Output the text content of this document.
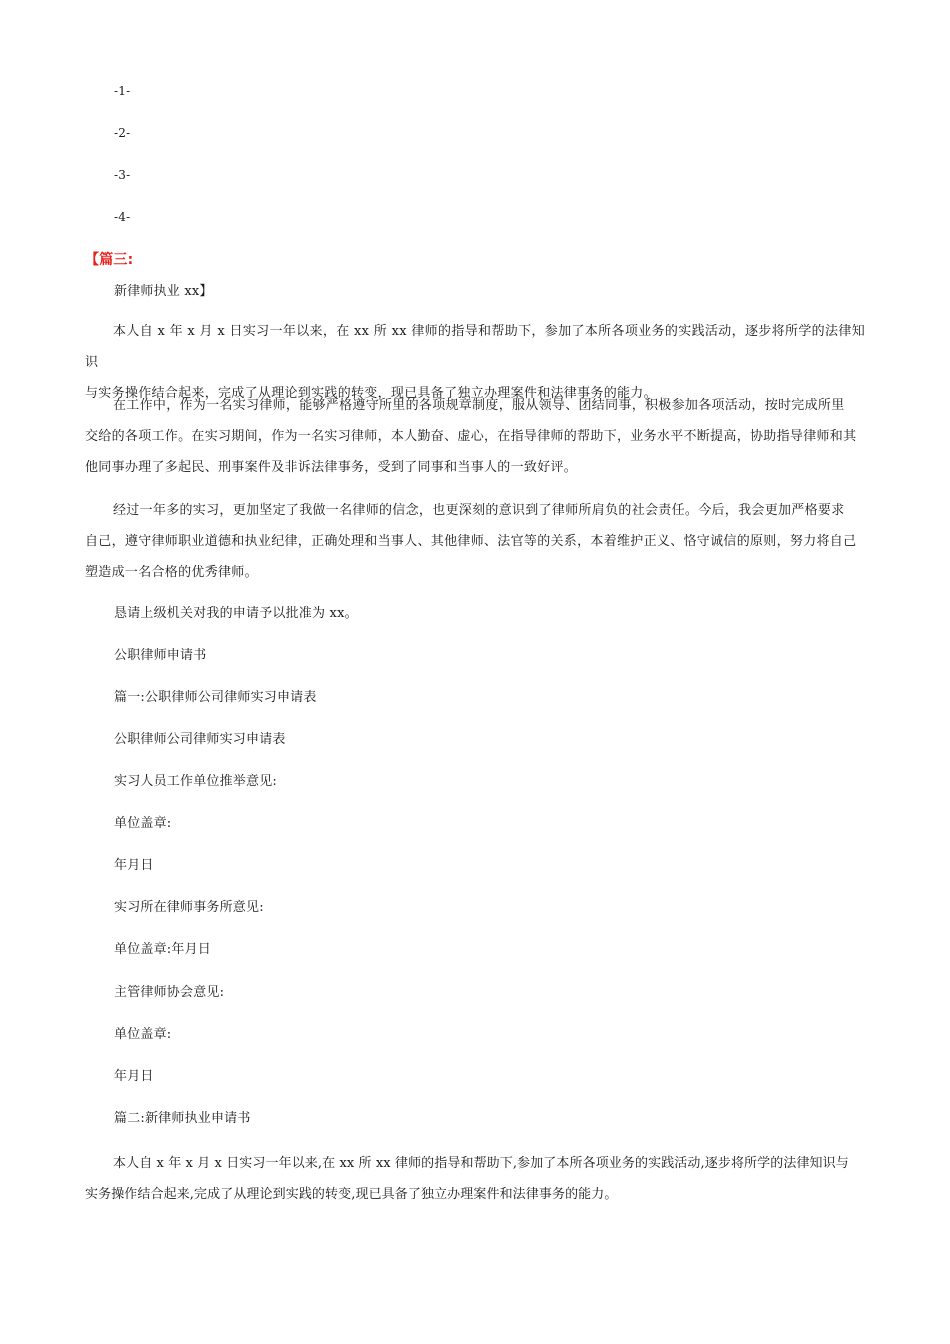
-1-
-2-
-3-
-4-
【篇三:
新律师执业 xx】
本人自 x 年 x 月 x 日实习一年以来，在 xx 所 xx 律师的指导和帮助下，参加了本所各项业务的实践活动，逐步将所学的法律知识
与实务操作结合起来，完成了从理论到实践的转变，现已具备了独立办理案件和法律事务的能力。
在工作中，作为一名实习律师，能够严格遵守所里的各项规章制度，服从领导、团结同事，积极参加各项活动，按时完成所里
交给的各项工作。在实习期间，作为一名实习律师，本人勤奋、虚心，在指导律师的帮助下，业务水平不断提高，协助指导律师和其
他同事办理了多起民、刑事案件及非诉法律事务，受到了同事和当事人的一致好评。
经过一年多的实习，更加坚定了我做一名律师的信念，也更深刻的意识到了律师所肩负的社会责任。今后，我会更加严格要求
自己，遵守律师职业道德和执业纪律，正确处理和当事人、其他律师、法官等的关系，本着维护正义、恪守诚信的原则，努力将自己
塑造成一名合格的优秀律师。
恳请上级机关对我的申请予以批准为 xx。
公职律师申请书
篇一:公职律师公司律师实习申请表
公职律师公司律师实习申请表
实习人员工作单位推举意见:
单位盖章:
年月日
实习所在律师事务所意见:
单位盖章:年月日
主管律师协会意见:
单位盖章:
年月日
篇二:新律师执业申请书
本人自 x 年 x 月 x 日实习一年以来,在 xx 所 xx 律师的指导和帮助下,参加了本所各项业务的实践活动,逐步将所学的法律知识与
实务操作结合起来,完成了从理论到实践的转变,现已具备了独立办理案件和法律事务的能力。
